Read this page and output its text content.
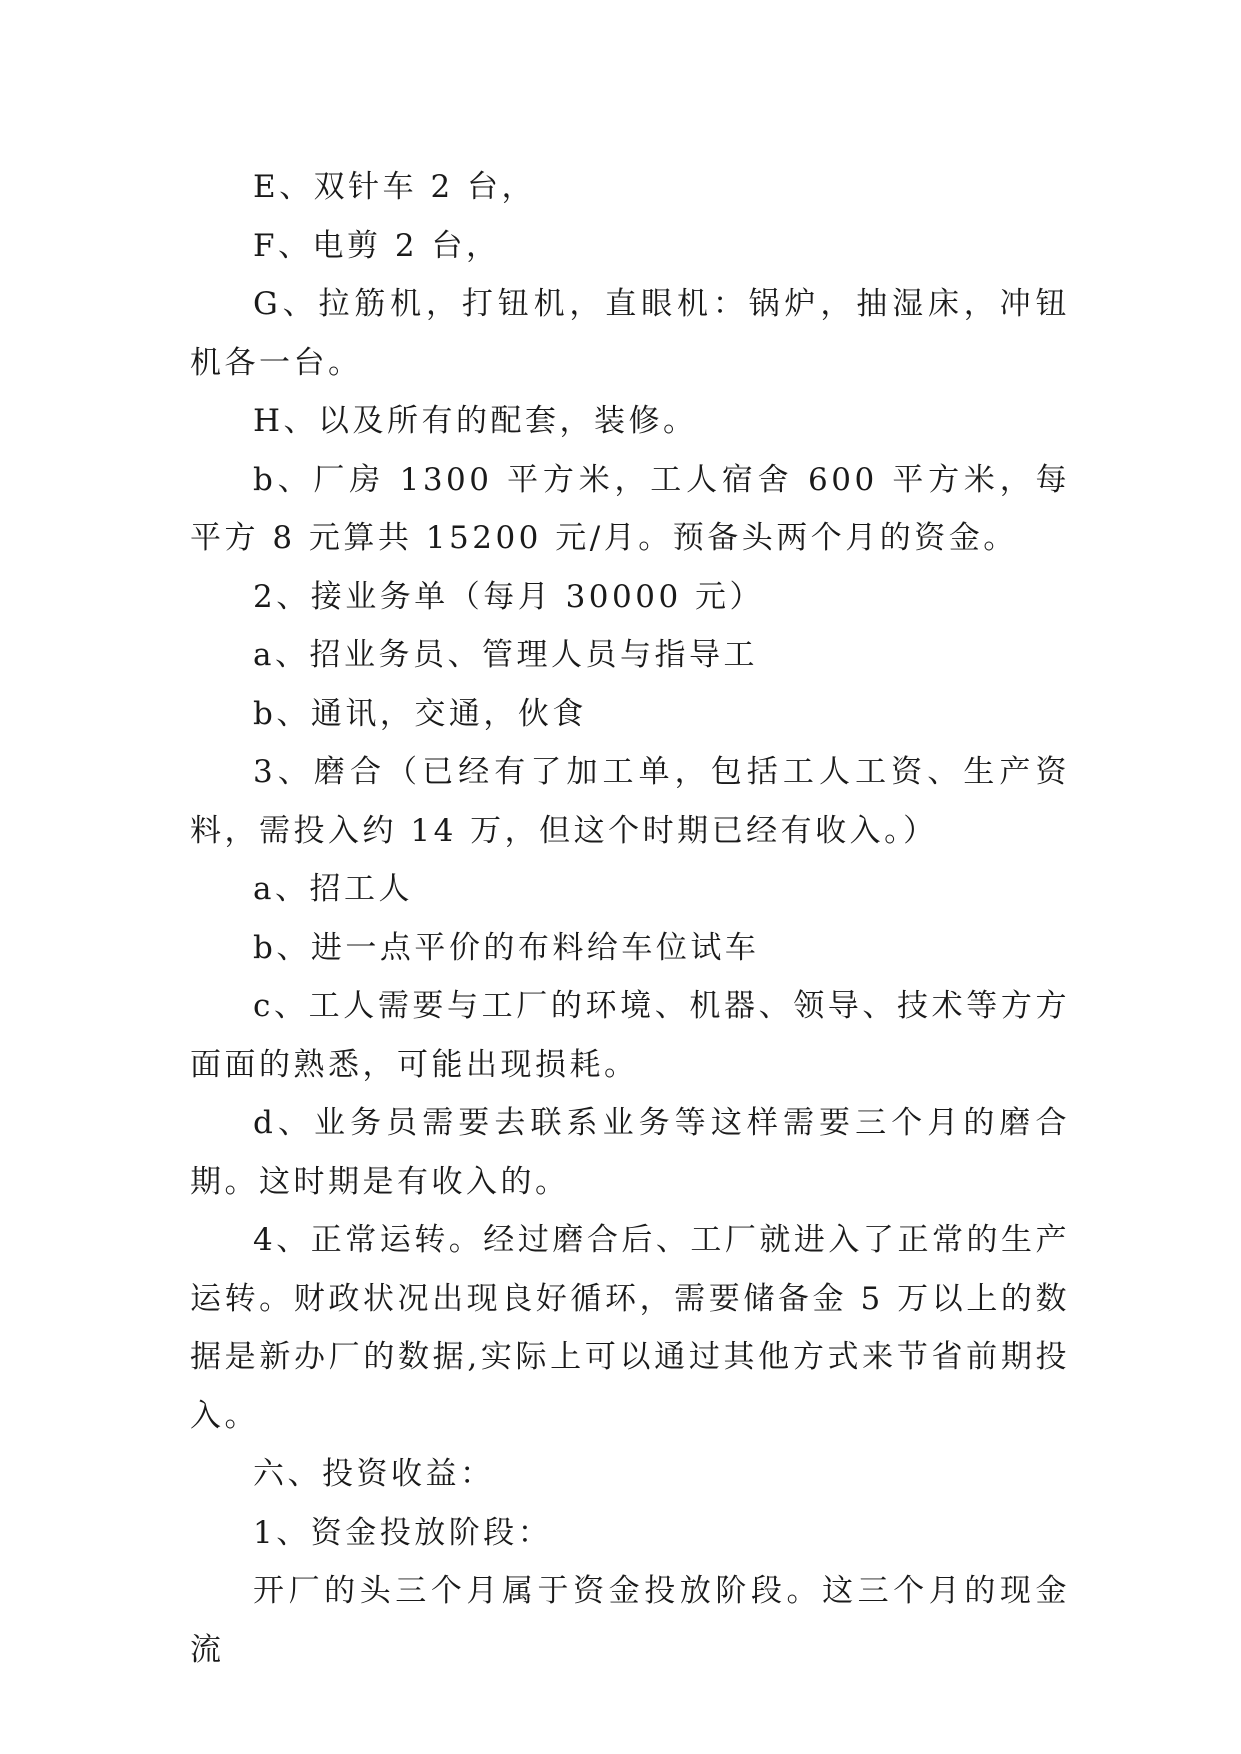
E、双针车 2 台，

F、电剪 2 台，

G、拉筋机，打钮机，直眼机：锅炉，抽湿床，冲钮机各一台。

H、以及所有的配套，装修。

b、厂房 1300 平方米，工人宿舍 600 平方米，每平方 8 元算共 15200 元/月。预备头两个月的资金。

2、接业务单（每月 30000 元）

a、招业务员、管理人员与指导工

b、通讯，交通，伙食

3、磨合（已经有了加工单，包括工人工资、生产资料，需投入约 14 万，但这个时期已经有收入。）

a、招工人

b、进一点平价的布料给车位试车

c、工人需要与工厂的环境、机器、领导、技术等方方面面的熟悉，可能出现损耗。

d、业务员需要去联系业务等这样需要三个月的磨合期。这时期是有收入的。

4、正常运转。经过磨合后、工厂就进入了正常的生产运转。财政状况出现良好循环，需要储备金 5 万以上的数据是新办厂的数据,实际上可以通过其他方式来节省前期投入。

六、投资收益：

1、资金投放阶段：

开厂的头三个月属于资金投放阶段。这三个月的现金流
